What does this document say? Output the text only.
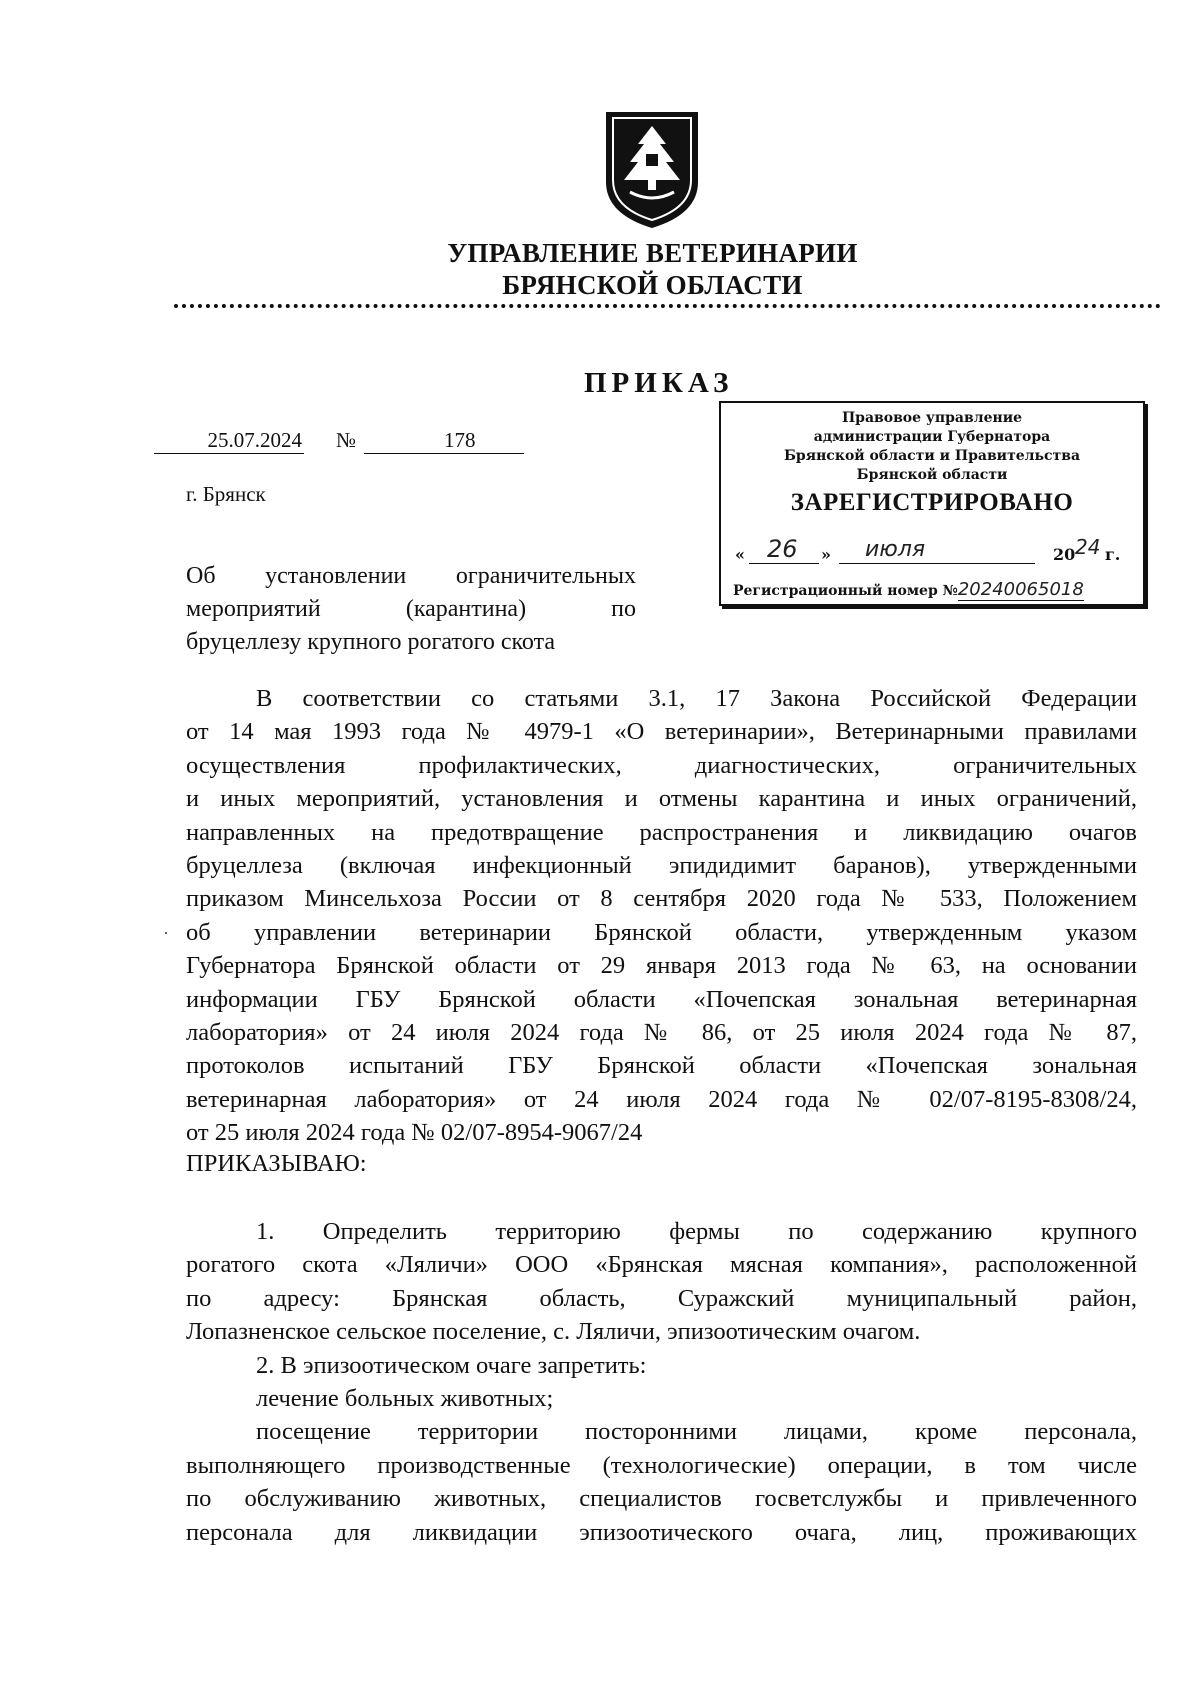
УПРАВЛЕНИЕ ВЕТЕРИНАРИИ
БРЯНСКОЙ ОБЛАСТИ
ПРИКАЗ
25.07.2024 №	178
г. Брянск
Об установлении ограничительных
мероприятий (карантина) по
бруцеллезу крупного рогатого скота
Правовое управление
администрации Губернатора
Брянской области и Правительства
Брянской области
ЗАРЕГИСТРИРОВАНО
« 26 » июля	20 24 г.
Регистрационный номер №20240065018
В соответствии со статьями 3.1, 17 Закона Российской Федерации
от 14 мая 1993 года № 4979-1 «О ветеринарии», Ветеринарными правилами
осуществления профилактических, диагностических, ограничительных
и иных мероприятий, установления и отмены карантина и иных ограничений,
направленных на предотвращение распространения и ликвидацию очагов
бруцеллеза (включая инфекционный эпидидимит баранов), утвержденными
приказом Минсельхоза России от 8 сентября 2020 года № 533, Положением
об управлении ветеринарии Брянской области, утвержденным указом
Губернатора Брянской области от 29 января 2013 года № 63, на основании
информации ГБУ Брянской области «Почепская зональная ветеринарная
лаборатория» от 24 июля 2024 года № 86, от 25 июля 2024 года № 87,
протоколов испытаний ГБУ Брянской области «Почепская зональная
ветеринарная лаборатория» от 24 июля 2024 года № 02/07-8195-8308/24,
от 25 июля 2024 года № 02/07-8954-9067/24
ПРИКАЗЫВАЮ:
1. Определить территорию фермы по содержанию крупного
рогатого скота «Ляличи» ООО «Брянская мясная компания», расположенной
по адресу: Брянская область, Суражский муниципальный район,
Лопазненское сельское поселение, с. Ляличи, эпизоотическим очагом.
2. В эпизоотическом очаге запретить:
лечение больных животных;
посещение территории посторонними лицами, кроме персонала,
выполняющего производственные (технологические) операции, в том числе
по обслуживанию животных, специалистов госветслужбы и привлеченного
персонала для ликвидации эпизоотического очага, лиц, проживающих
